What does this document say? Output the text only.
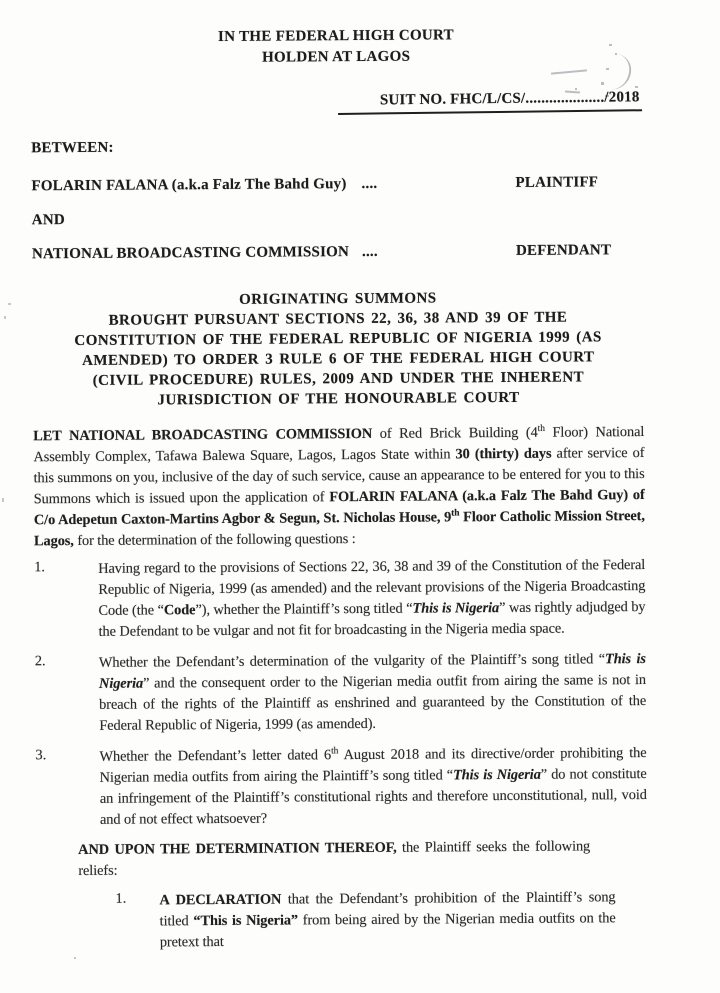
IN THE FEDERAL HIGH COURT
HOLDEN AT LAGOS
SUIT NO. FHC/L/CS/..................../2018
BETWEEN:
FOLARIN FALANA (a.k.a Falz The Bahd Guy) ....	PLAINTIFF
AND
NATIONAL BROADCASTING COMMISSION ....	DEFENDANT
ORIGINATING SUMMONS
BROUGHT PURSUANT SECTIONS 22, 36, 38 AND 39 OF THE
CONSTITUTION OF THE FEDERAL REPUBLIC OF NIGERIA 1999 (AS
AMENDED) TO ORDER 3 RULE 6 OF THE FEDERAL HIGH COURT
(CIVIL PROCEDURE) RULES, 2009 AND UNDER THE INHERENT
JURISDICTION OF THE HONOURABLE COURT
LET NATIONAL BROADCASTING COMMISSION of Red Brick Building (4th Floor) National Assembly Complex, Tafawa Balewa Square, Lagos, Lagos State within 30 (thirty) days after service of this summons on you, inclusive of the day of such service, cause an appearance to be entered for you to this Summons which is issued upon the application of FOLARIN FALANA (a.k.a Falz The Bahd Guy) of C/o Adepetun Caxton-Martins Agbor & Segun, St. Nicholas House, 9th Floor Catholic Mission Street, Lagos, for the determination of the following questions :
1.	Having regard to the provisions of Sections 22, 36, 38 and 39 of the Constitution of the Federal Republic of Nigeria, 1999 (as amended) and the relevant provisions of the Nigeria Broadcasting Code (the “Code”), whether the Plaintiff’s song titled “This is Nigeria” was rightly adjudged by the Defendant to be vulgar and not fit for broadcasting in the Nigeria media space.
2.	Whether the Defendant’s determination of the vulgarity of the Plaintiff’s song titled “This is Nigeria” and the consequent order to the Nigerian media outfit from airing the same is not in breach of the rights of the Plaintiff as enshrined and guaranteed by the Constitution of the Federal Republic of Nigeria, 1999 (as amended).
3.	Whether the Defendant’s letter dated 6th August 2018 and its directive/order prohibiting the Nigerian media outfits from airing the Plaintiff’s song titled “This is Nigeria” do not constitute an infringement of the Plaintiff’s constitutional rights and therefore unconstitutional, null, void and of not effect whatsoever?
AND UPON THE DETERMINATION THEREOF, the Plaintiff seeks the following reliefs:
1. A DECLARATION that the Defendant’s prohibition of the Plaintiff’s song titled “This is Nigeria” from being aired by the Nigerian media outfits on the pretext that
